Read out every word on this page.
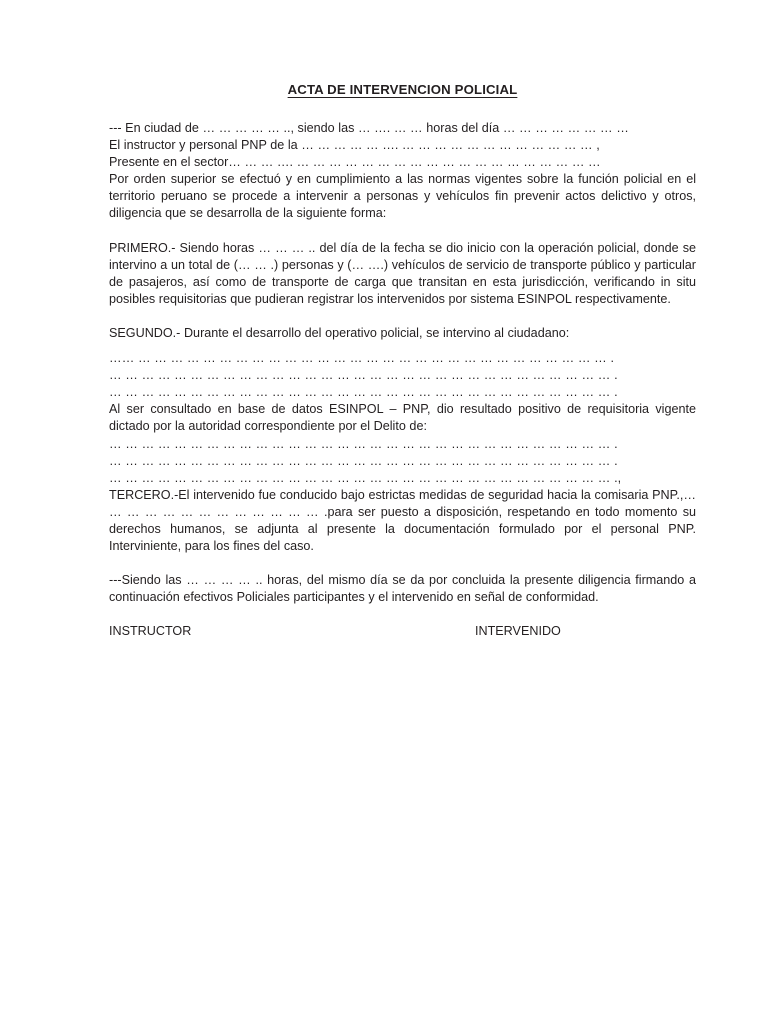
ACTA DE INTERVENCION POLICIAL

--- En ciudad de … … … … … .., siendo las … …. … … horas del día … … … … … … … …

El instructor y personal PNP de la … … … … … …. … … … … … … … … … … … … ,

Presente en el sector… … … …. … … … … … … … … … … … … … … … … … … …

Por orden superior se efectuó y en cumplimiento a las normas vigentes sobre la función policial en el territorio peruano se procede a intervenir a personas y vehículos fin prevenir actos delictivo y otros, diligencia que se desarrolla de la siguiente forma:

PRIMERO.- Siendo horas … … … .. del día de la fecha se dio inicio con la operación policial, donde se intervino a un total de (… … .) personas y (… ….) vehículos de servicio de transporte público y particular de pasajeros, así como de transporte de carga que transitan en esta jurisdicción, verificando in situ posibles requisitorias que pudieran registrar los intervenidos por sistema ESINPOL respectivamente.

SEGUNDO.- Durante el desarrollo del operativo policial, se intervino al ciudadano:

…… … … … … … … … … … … … … … … … … … … … … … … … … … … … … … .

… … … … … … … … … … … … … … … … … … … … … … … … … … … … … … … .

… … … … … … … … … … … … … … … … … … … … … … … … … … … … … … … .

Al ser consultado en base de datos ESINPOL – PNP, dio resultado positivo de requisitoria vigente dictado por la autoridad correspondiente por el Delito de:

… … … … … … … … … … … … … … … … … … … … … … … … … … … … … … … .

… … … … … … … … … … … … … … … … … … … … … … … … … … … … … … … .

… … … … … … … … … … … … … … … … … … … … … … … … … … … … … … … .,

TERCERO.-El intervenido fue conducido bajo estrictas medidas de seguridad hacia la comisaria PNP.,… … … … … … … … … … … … … .para ser puesto a disposición, respetando en todo momento su derechos humanos, se adjunta al presente la documentación formulado por el personal PNP. Interviniente, para los fines del caso.

---Siendo las … … … … .. horas, del mismo día se da por concluida la presente diligencia firmando a continuación efectivos Policiales participantes y el intervenido en señal de conformidad.

INSTRUCTOR	INTERVENIDO
